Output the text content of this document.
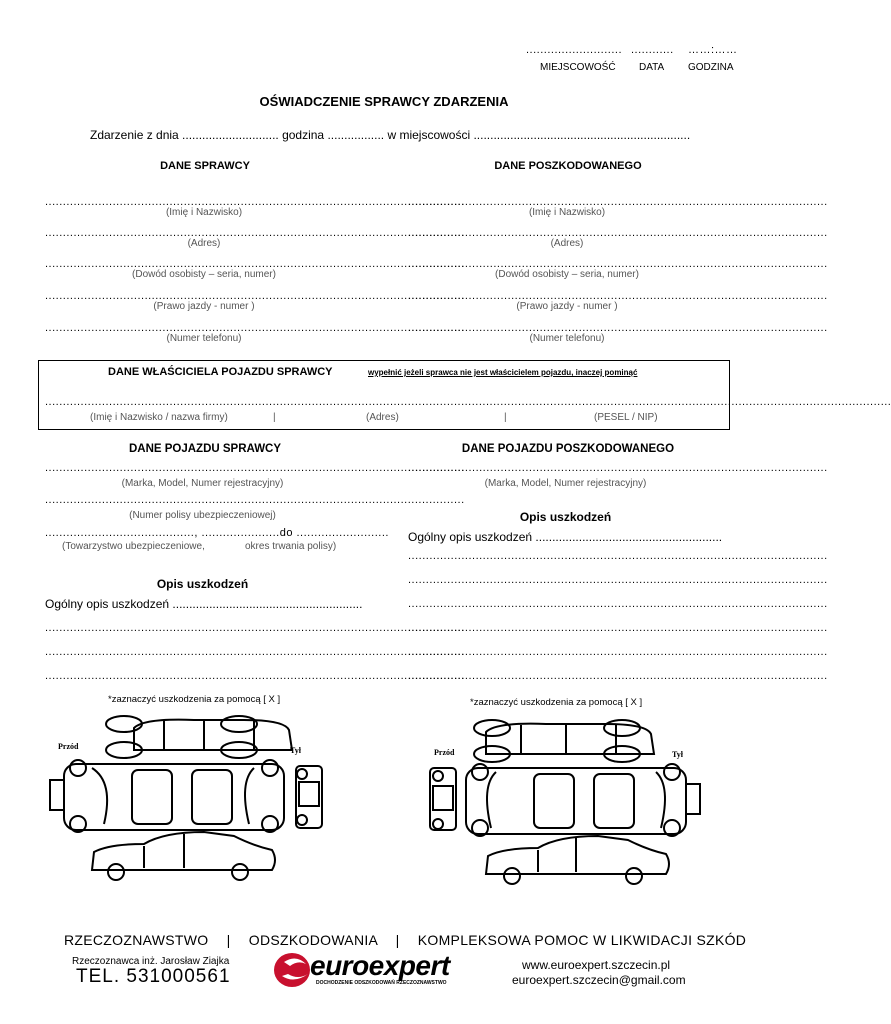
........................... ............ ……:……
MIEJSCOWOŚĆ DATA GODZINA
OŚWIADCZENIE SPRAWCY ZDARZENIA
Zdarzenie z dnia ............................. godzina ................. w miejscowości .................................................................
DANE SPRAWCY	DANE POSZKODOWANEGO
......................................................................................................................
(Imię i Nazwisko)
......................................................................................................................
(Adres)
......................................................................................................................
(Dowód osobisty – seria, numer)
......................................................................................................................
(Prawo jazdy - numer )
......................................................................................................................
(Numer telefonu)
......................................................................................................................
(Imię i Nazwisko)
......................................................................................................................
(Adres)
......................................................................................................................
(Dowód osobisty – seria, numer)
......................................................................................................................
(Prawo jazdy - numer )
......................................................................................................................
(Numer telefonu)
DANE WŁAŚCICIELA POJAZDU SPRAWCY	wypełnić jeżeli sprawca nie jest właścicielem pojazdu, inaczej pominąć
..............................................................................................................................................................................................................................................
(Imię i Nazwisko / nazwa firmy)	|	(Adres)	|	(PESEL / NIP)
DANE POJAZDU SPRAWCY	DANE POJAZDU POSZKODOWANEGO
......................................................................................................................
(Marka, Model, Numer rejestracyjny)
......................................................................................................................
(Marka, Model, Numer rejestracyjny)
......................................................................................................................
(Numer polisy ubezpieczeniowej)
.........................................., ......................do ..........................
(Towarzystwo ubezpieczeniowe,	okres trwania polisy)
Opis uszkodzeń
Ogólny opis uszkodzeń .........................................................
......................................................................................................................
......................................................................................................................
......................................................................................................................
Opis uszkodzeń
Ogólny opis uszkodzeń ........................................................
......................................................................................................................
......................................................................................................................
......................................................................................................................
......................................................................................................................
......................................................................................................................
......................................................................................................................
*zaznaczyć uszkodzenia za pomocą [ X ]	*zaznaczyć uszkodzenia za pomocą [ X ]
Przód	Tył	Przód	Tył
RZECZOZNAWSTWO | ODSZKODOWANIA | KOMPLEKSOWA POMOC W LIKWIDACJI SZKÓD
Rzeczoznawca inż. Jarosław Ziajka
TEL. 531000561	euroexpert
DOCHODZENIE ODSZKODOWAŃ RZECZOZNAWSTWO
www.euroexpert.szczecin.pl
euroexpert.szczecin@gmail.com
